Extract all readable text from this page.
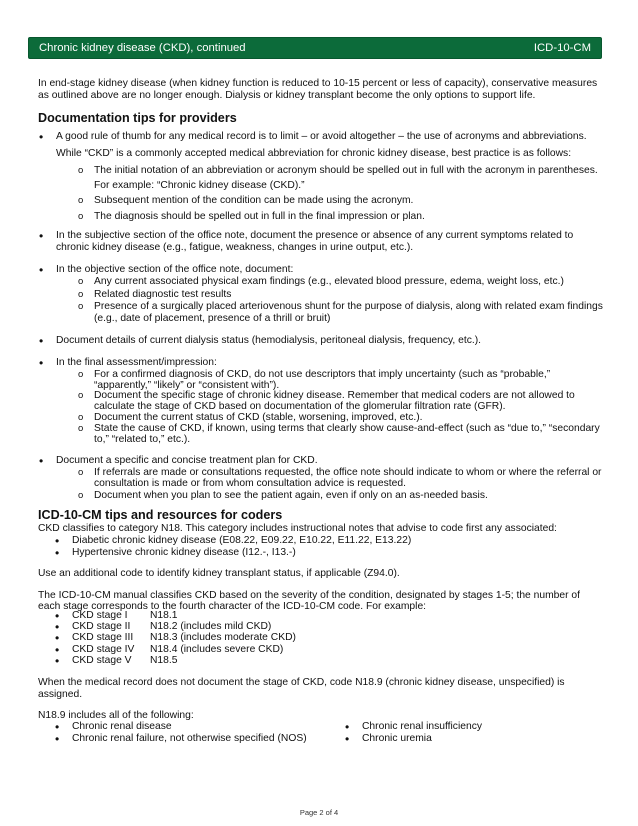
Chronic kidney disease (CKD), continued	ICD-10-CM

In end-stage kidney disease (when kidney function is reduced to 10-15 percent or less of capacity), conservative measures as outlined above are no longer enough. Dialysis or kidney transplant become the only options to support life.

Documentation tips for providers
• A good rule of thumb for any medical record is to limit – or avoid altogether – the use of acronyms and abbreviations. While “CKD” is a commonly accepted medical abbreviation for chronic kidney disease, best practice is as follows:
o The initial notation of an abbreviation or acronym should be spelled out in full with the acronym in parentheses. For example: “Chronic kidney disease (CKD).”
o Subsequent mention of the condition can be made using the acronym.
o The diagnosis should be spelled out in full in the final impression or plan.
• In the subjective section of the office note, document the presence or absence of any current symptoms related to chronic kidney disease (e.g., fatigue, weakness, changes in urine output, etc.).
• In the objective section of the office note, document:
o Any current associated physical exam findings (e.g., elevated blood pressure, edema, weight loss, etc.)
o Related diagnostic test results
o Presence of a surgically placed arteriovenous shunt for the purpose of dialysis, along with related exam findings (e.g., date of placement, presence of a thrill or bruit)
• Document details of current dialysis status (hemodialysis, peritoneal dialysis, frequency, etc.).
• In the final assessment/impression:
o For a confirmed diagnosis of CKD, do not use descriptors that imply uncertainty (such as “probable,” “apparently,” “likely” or “consistent with”).
o Document the specific stage of chronic kidney disease. Remember that medical coders are not allowed to calculate the stage of CKD based on documentation of the glomerular filtration rate (GFR).
o Document the current status of CKD (stable, worsening, improved, etc.).
o State the cause of CKD, if known, using terms that clearly show cause-and-effect (such as “due to,” “secondary to,” “related to,” etc.).
• Document a specific and concise treatment plan for CKD.
o If referrals are made or consultations requested, the office note should indicate to whom or where the referral or consultation is made or from whom consultation advice is requested.
o Document when you plan to see the patient again, even if only on an as-needed basis.
ICD-10-CM tips and resources for coders

CKD classifies to category N18. This category includes instructional notes that advise to code first any associated:

• Diabetic chronic kidney disease (E08.22, E09.22, E10.22, E11.22, E13.22)
• Hypertensive chronic kidney disease (I12.-, I13.-)

Use an additional code to identify kidney transplant status, if applicable (Z94.0).

The ICD-10-CM manual classifies CKD based on the severity of the condition, designated by stages 1-5; the number of each stage corresponds to the fourth character of the ICD-10-CM code. For example:

• CKD stage I N18.1
• CKD stage II N18.2 (includes mild CKD)
• CKD stage III N18.3 (includes moderate CKD)
• CKD stage IV N18.4 (includes severe CKD)
• CKD stage V N18.5

When the medical record does not document the stage of CKD, code N18.9 (chronic kidney disease, unspecified) is assigned.

N18.9 includes all of the following:

• Chronic renal disease
• Chronic renal failure, not otherwise specified (NOS)
• Chronic renal insufficiency
• Chronic uremia
Page 2 of 4
